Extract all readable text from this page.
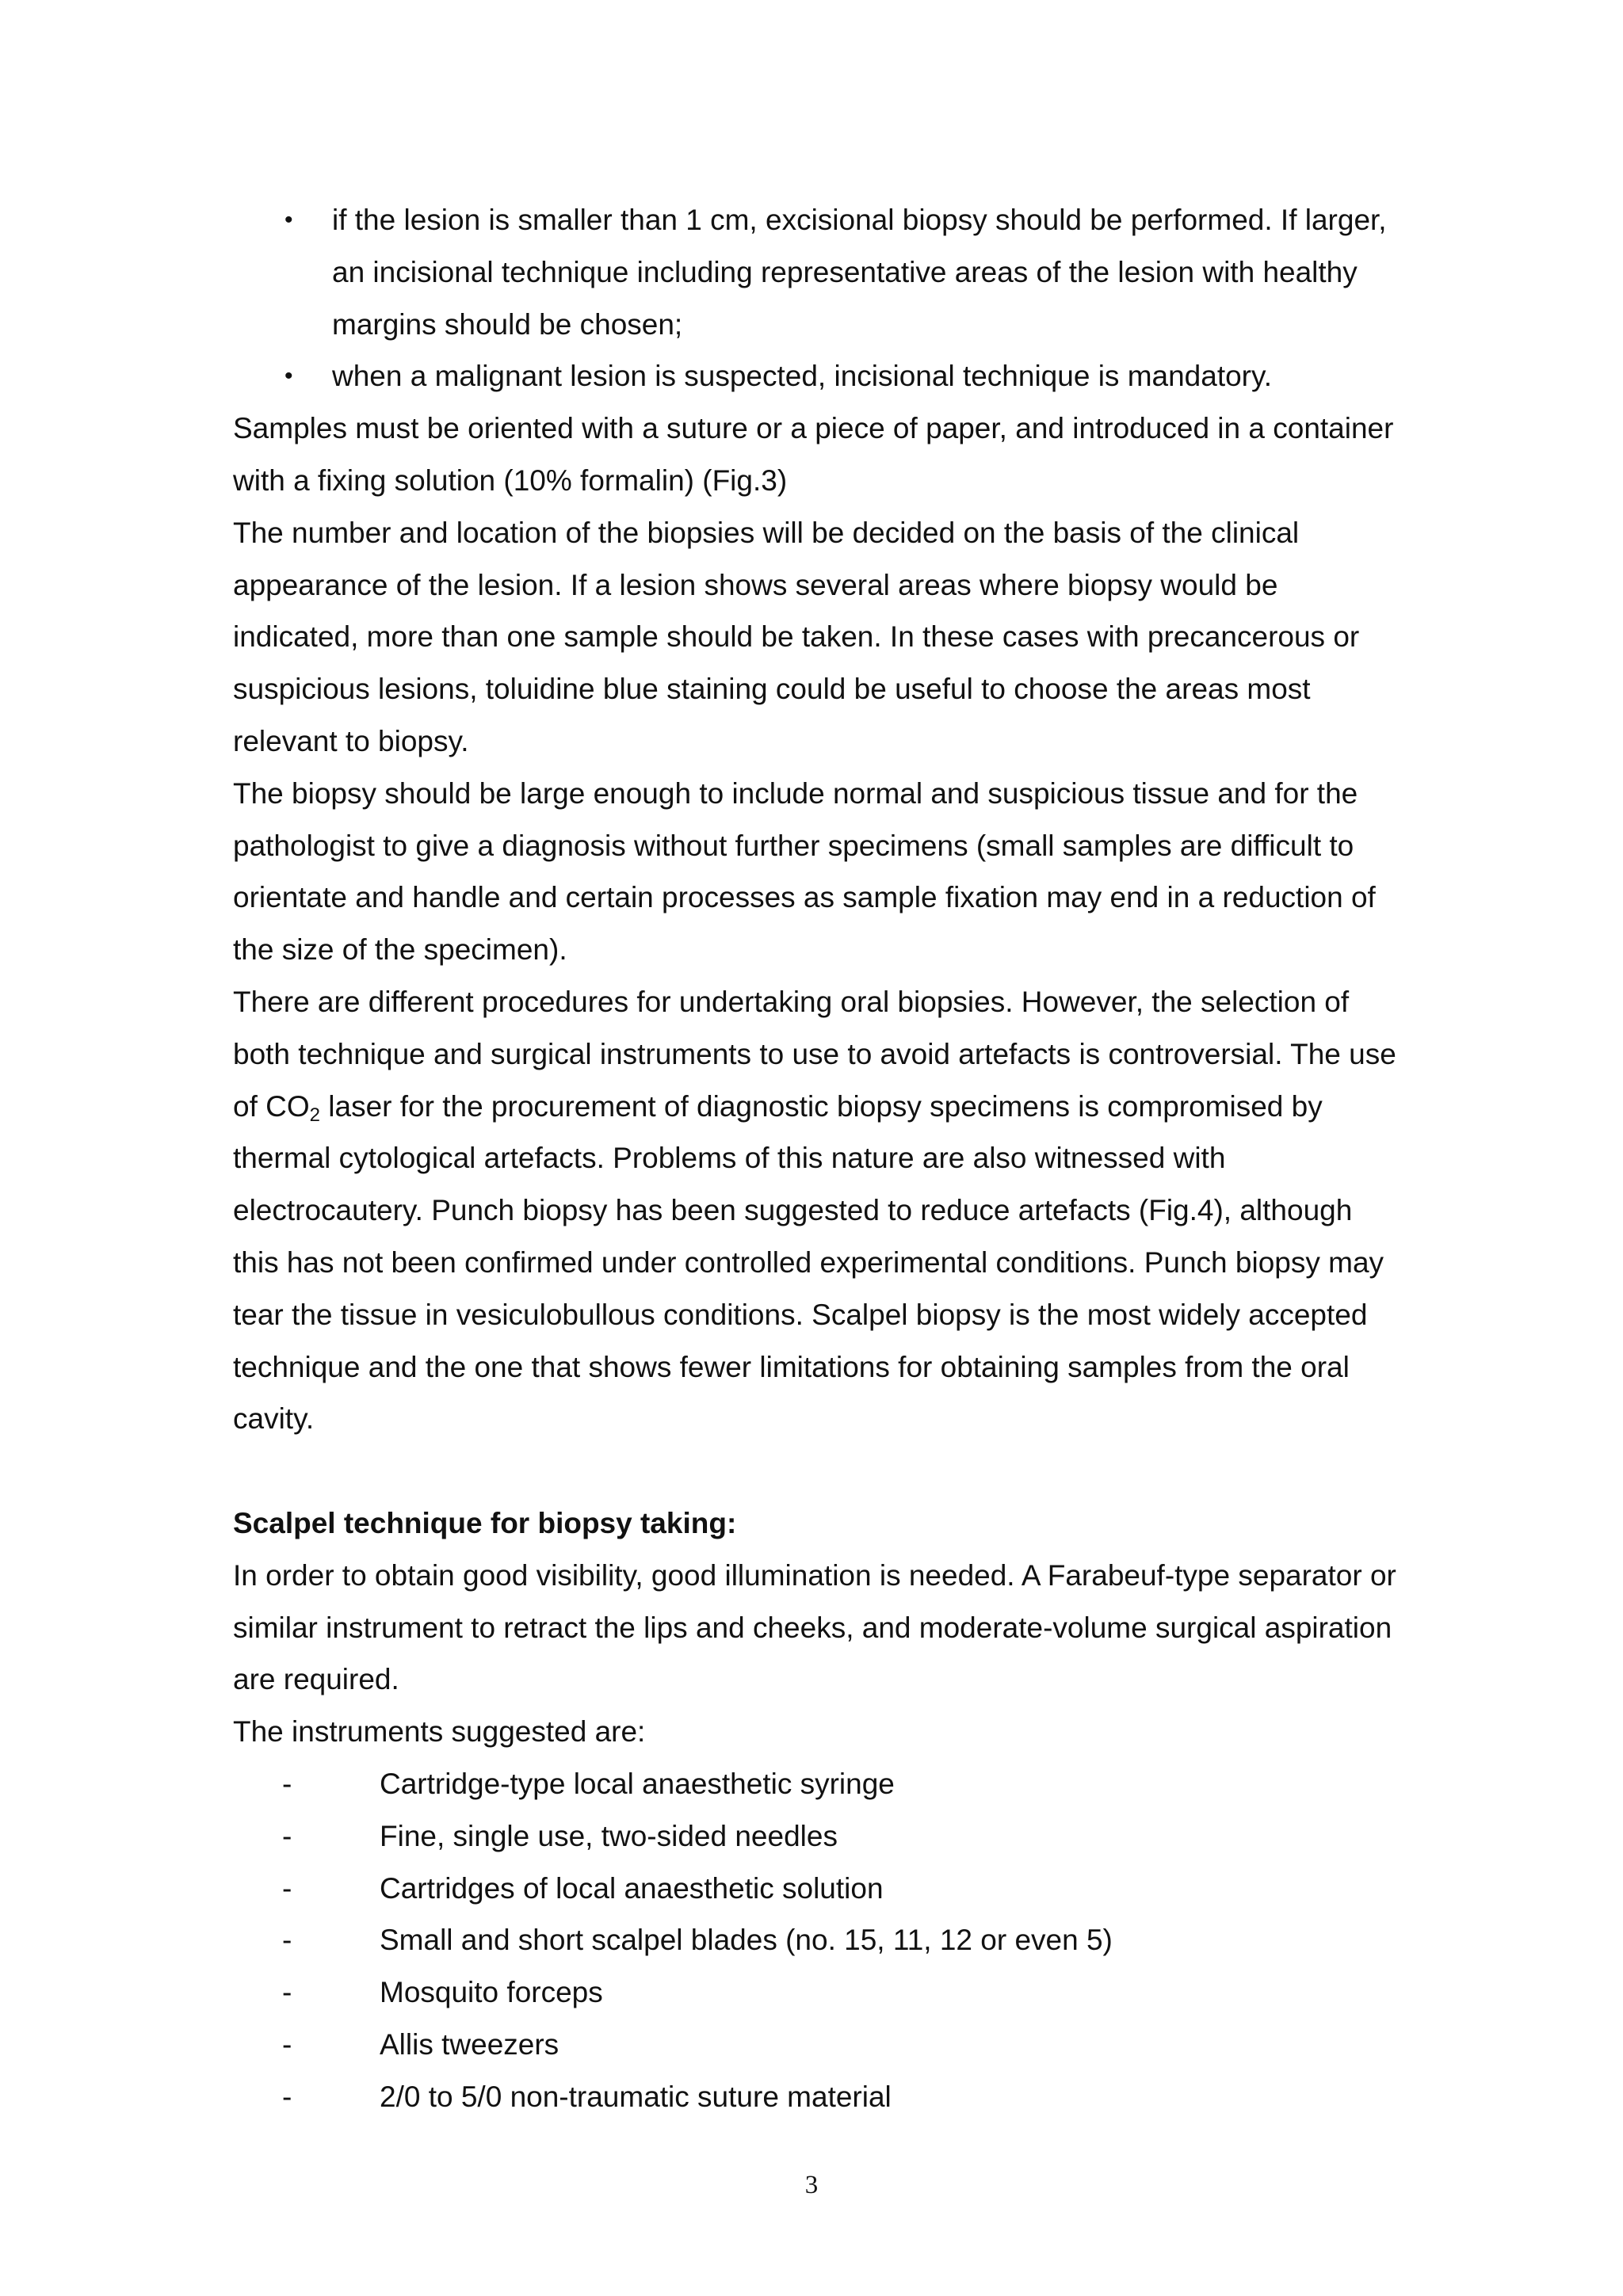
• if the lesion is smaller than 1 cm, excisional biopsy should be performed. If larger, an incisional technique including representative areas of the lesion with healthy margins should be chosen;
• when a malignant lesion is suspected, incisional technique is mandatory.

Samples must be oriented with a suture or a piece of paper, and introduced in a container with a fixing solution (10% formalin) (Fig.3)

The number and location of the biopsies will be decided on the basis of the clinical appearance of the lesion. If a lesion shows several areas where biopsy would be indicated, more than one sample should be taken. In these cases with precancerous or suspicious lesions, toluidine blue staining could be useful to choose the areas most relevant to biopsy.

The biopsy should be large enough to include normal and suspicious tissue and for the pathologist to give a diagnosis without further specimens (small samples are difficult to orientate and handle and certain processes as sample fixation may end in a reduction of the size of the specimen).

There are different procedures for undertaking oral biopsies. However, the selection of both technique and surgical instruments to use to avoid artefacts is controversial. The use of $CO_2$ laser for the procurement of diagnostic biopsy specimens is compromised by thermal cytological artefacts. Problems of this nature are also witnessed with electrocautery. Punch biopsy has been suggested to reduce artefacts (Fig.4), although this has not been confirmed under controlled experimental conditions. Punch biopsy may tear the tissue in vesiculobullous conditions. Scalpel biopsy is the most widely accepted technique and the one that shows fewer limitations for obtaining samples from the oral cavity.

Scalpel technique for biopsy taking:

In order to obtain good visibility, good illumination is needed. A Farabeuf-type separator or similar instrument to retract the lips and cheeks, and moderate-volume surgical aspiration are required.

The instruments suggested are:

-	Cartridge-type local anaesthetic syringe
-	Fine, single use, two-sided needles
-	Cartridges of local anaesthetic solution
-	Small and short scalpel blades (no. 15, 11, 12 or even 5)
-	Mosquito forceps
-	Allis tweezers
-	2/0 to 5/0 non-traumatic suture material
3
